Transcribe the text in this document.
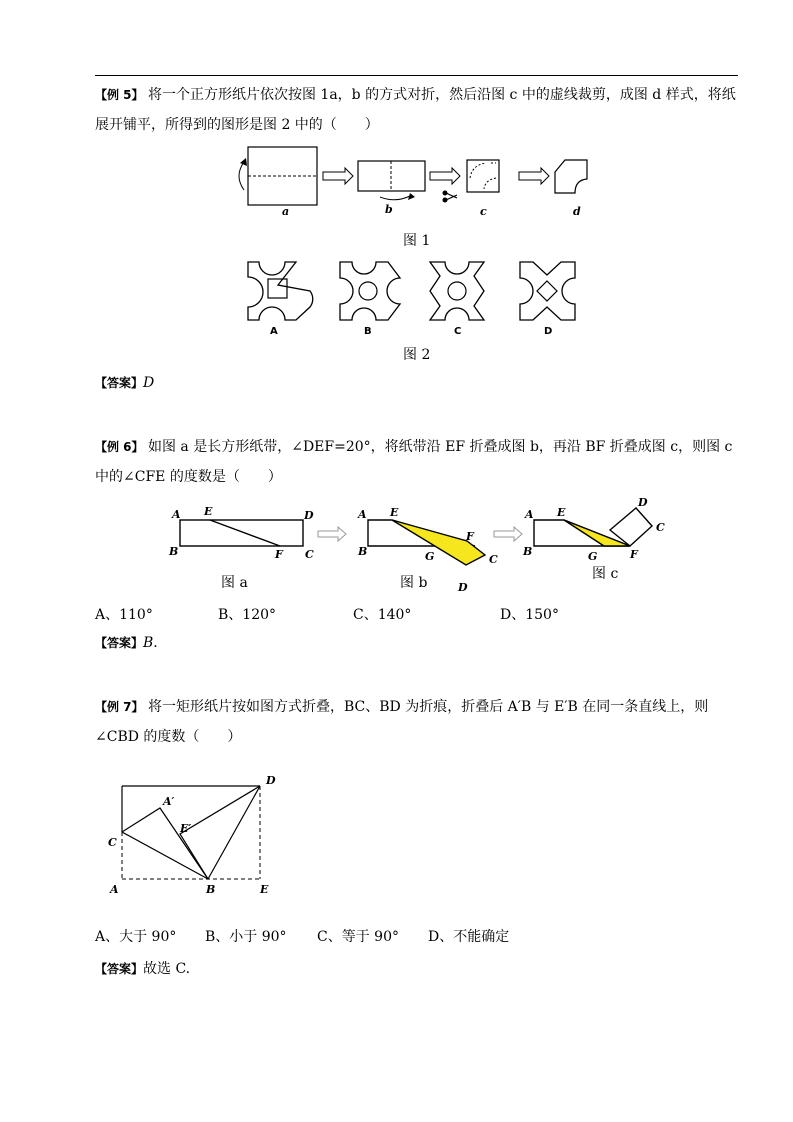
【例 5】 将一个正方形纸片依次按图 1a，b 的方式对折，然后沿图 c 中的虚线裁剪，成图 d 样式，将纸展开铺平，所得到的图形是图 2 中的（　　）

a	b	c	d
A	B	C	D
A E	D
B	F C
A E
B	G
F
C
D
A E
B	G	F
C
D
D
A′
E′
C
A	B	E
图 1
图 2
【答案】D

【例 6】 如图 a 是长方形纸带，∠DEF=20°，将纸带沿 EF 折叠成图 b，再沿 BF 折叠成图 c，则图 c 中的∠CFE 的度数是（　　）

图 a	图 b
图 c
A、110°	B、120°	C、140°	D、150°
【答案】B.

【例 7】 将一矩形纸片按如图方式折叠，BC、BD 为折痕，折叠后 A′B 与 E′B 在同一条直线上，则∠CBD 的度数（　　）

A、大于 90° B、小于 90° C、等于 90° D、不能确定
【答案】故选 C.
